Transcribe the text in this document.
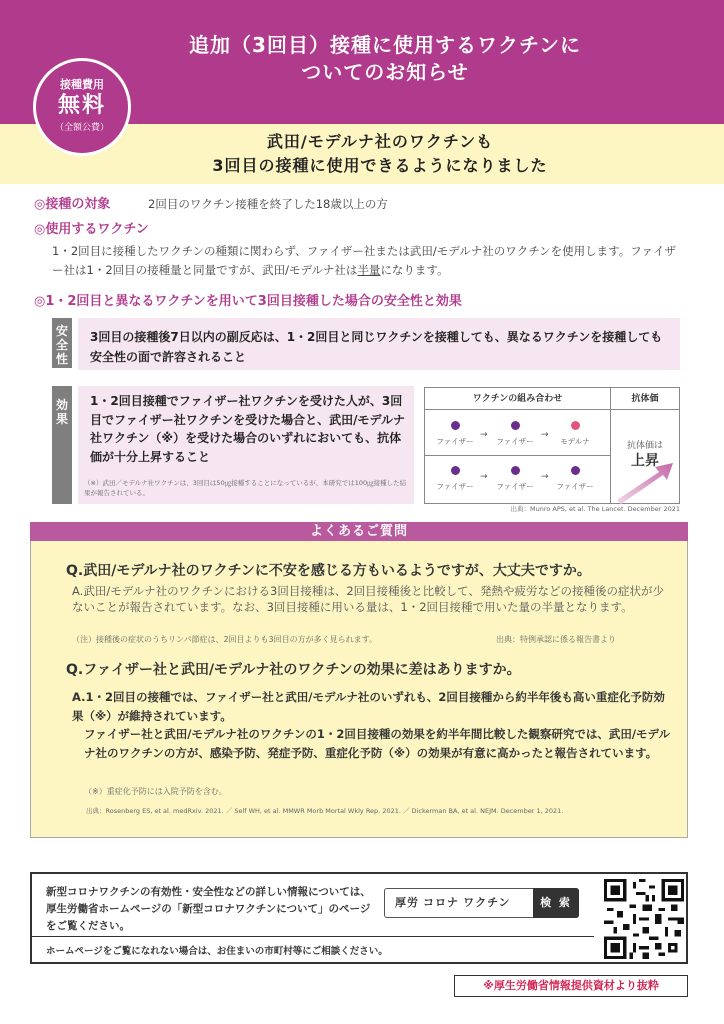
追加（3回目）接種に使用するワクチンに
ついてのお知らせ
接種費用
無料
（全額公費）
武田/モデルナ社のワクチンも
3回目の接種に使用できるようになりました
◎接種の対象	2回目のワクチン接種を終了した18歳以上の方
◎使用するワクチン
1・2回目に接種したワクチンの種類に関わらず、ファイザー社または武田/モデルナ社のワクチンを使用します。ファイザー社は1・2回目の接種量と同量ですが、武田/モデルナ社は半量になります。
◎1・2回目と異なるワクチンを用いて3回目接種した場合の安全性と効果
安全性
3回目の接種後7日以内の副反応は、1・2回目と同じワクチンを接種しても、異なるワクチンを接種しても安全性の面で許容されること
効果
1・2回目接種でファイザー社ワクチンを受けた人が、3回目でファイザー社ワクチンを受けた場合と、武田/モデルナ社ワクチン（※）を受けた場合のいずれにおいても、抗体価が十分上昇すること
（※）武田／モデルナ社ワクチンは、3回目は50㎍接種することになっているが、本研究では100㎍接種した結果が報告されている。
ワクチンの組み合わせ	抗体価
ファイザー
→
ファイザー
→
モデルナ
ファイザー
→
ファイザー
→
ファイザー
抗体価は
上昇
出典：Munro APS, et al. The Lancet. December 2021
よくあるご質問
Q.武田/モデルナ社のワクチンに不安を感じる方もいるようですが、大丈夫ですか。
A.武田/モデルナ社のワクチンにおける3回目接種は、2回目接種後と比較して、発熱や疲労などの接種後の症状が少ないことが報告されています。なお、3回目接種に用いる量は、1・2回目接種で用いた量の半量となります。
（注）接種後の症状のうちリンパ節症は、2回目よりも3回目の方が多く見られます。	出典：特例承認に係る報告書より
Q.ファイザー社と武田/モデルナ社のワクチンの効果に差はありますか。
A.1・2回目の接種では、ファイザー社と武田/モデルナ社のいずれも、2回目接種から約半年後も高い重症化予防効果（※）が維持されています。
ファイザー社と武田/モデルナ社のワクチンの1・2回目接種の効果を約半年間比較した観察研究では、武田/モデルナ社のワクチンの方が、感染予防、発症予防、重症化予防（※）の効果が有意に高かったと報告されています。
（※）重症化予防には入院予防を含む。
出典：Rosenberg ES, et al. medRxiv. 2021. ／ Self WH, et al. MMWR Morb Mortal Wkly Rep. 2021. ／ Dickerman BA, et al. NEJM. December 1, 2021.
新型コロナワクチンの有効性・安全性などの詳しい情報については、厚生労働省ホームページの「新型コロナワクチンについて」のページをご覧ください。
厚労 コロナ ワクチン
検 索
ホームページをご覧になれない場合は、お住まいの市町村等にご相談ください。
※厚生労働省情報提供資材より抜粋
